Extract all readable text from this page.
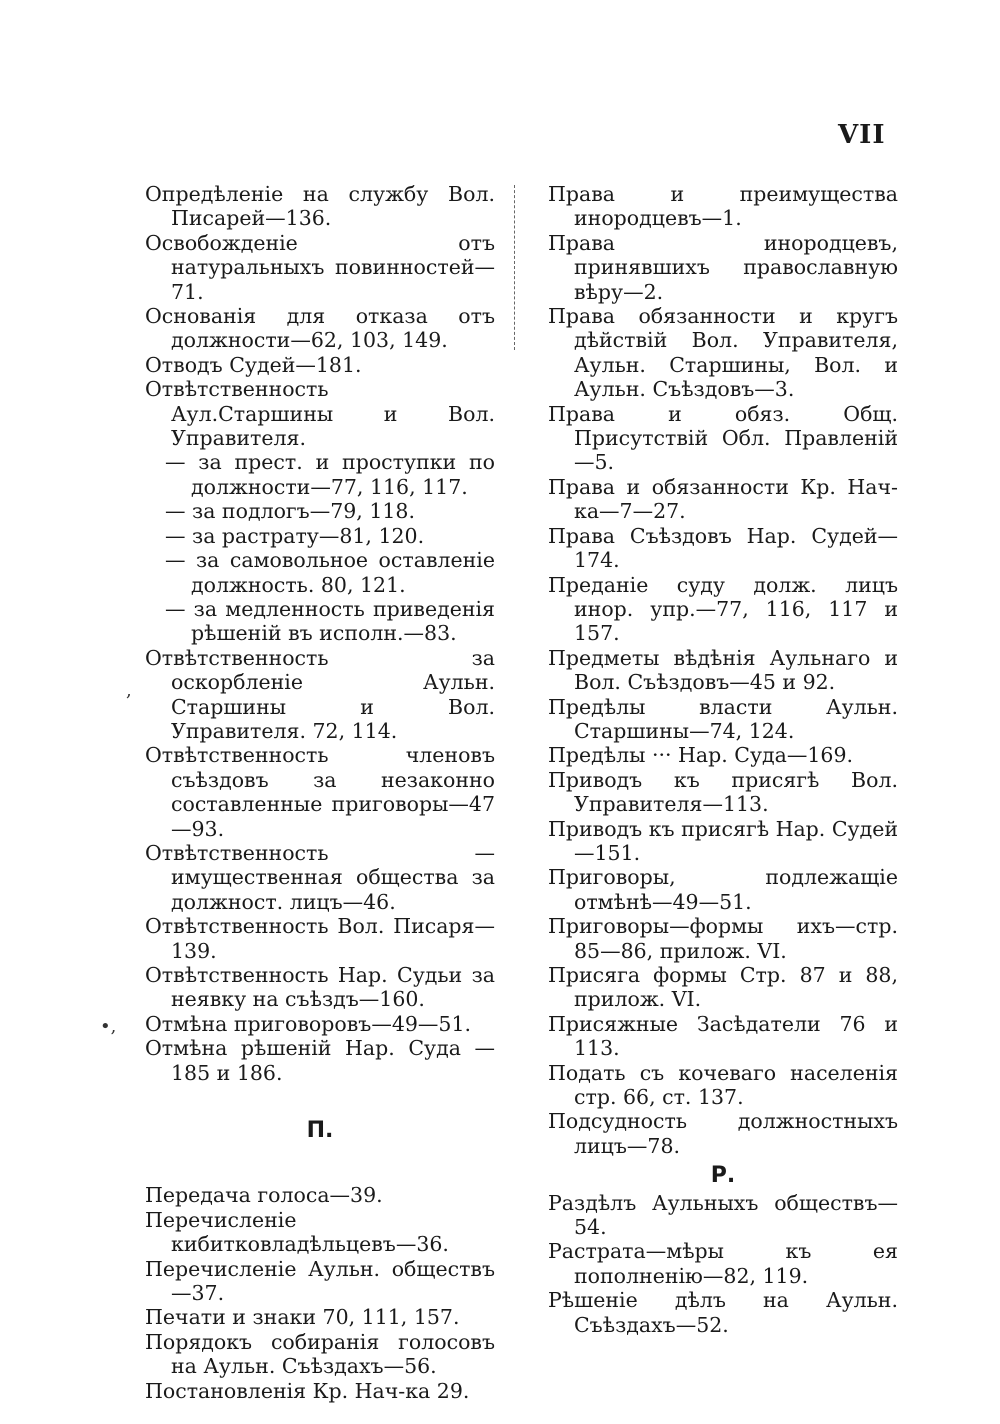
VII
,
•,

Опредѣленіе на службу Вол. Писарей—136.

Освобожденіе отъ натуральныхъ повинностей—71.

Основанія для отказа отъ должности—62, 103, 149.

Отводъ Судей—181.

Отвѣтственность Аул.Старшины и Вол. Управителя.

— за прест. и проступки по должности—77, 116, 117.

— за подлогъ—79, 118.

— за растрату—81, 120.

— за самовольное оставленіе должность. 80, 121.

— за медленность приведенія рѣшеній въ исполн.—83.

Отвѣтственность за оскорбленіе Аульн. Старшины и Вол. Управителя. 72, 114.

Отвѣтственность членовъ съѣздовъ за незаконно составленные приговоры—47—93.

Отвѣтственность —имущественная общества за должност. лицъ—46.

Отвѣтственность Вол. Писаря—139.

Отвѣтственность Нар. Судьи за неявку на съѣздъ—160.

Отмѣна приговоровъ—49—51.

Отмѣна рѣшеній Нар. Суда —185 и 186.

П.

Передача голоса—39.

Перечисленіе кибитковладѣльцевъ—36.

Перечисленіе Аульн. обществъ—37.

Печати и знаки 70, 111, 157.

Порядокъ собиранія голосовъ на Аульн. Съѣздахъ—56.

Постановленія Кр. Нач-ка 29.

Права и преимущества инородцевъ—1.

Права инородцевъ, принявшихъ православную вѣру—2.

Права обязанности и кругъ дѣйствій Вол. Управителя, Аульн. Старшины, Вол. и Аульн. Съѣздовъ—3.

Права и обяз. Общ. Присутствій Обл. Правленій—5.

Права и обязанности Кр. Нач-ка—7—27.

Права Съѣздовъ Нар. Судей—174.

Преданіе суду долж. лицъ инор. упр.—77, 116, 117 и 157.

Предметы вѣдѣнія Аульнаго и Вол. Съѣздовъ—45 и 92.

Предѣлы власти Аульн. Старшины—74, 124.

Предѣлы ··· Нар. Суда—169.

Приводъ къ присягѣ Вол. Управителя—113.

Приводъ къ присягѣ Нар. Судей—151.

Приговоры, подлежащіе отмѣнѣ—49—51.

Приговоры—формы ихъ—стр. 85—86, прилож. VI.

Присяга формы Стр. 87 и 88, прилож. VI.

Присяжные Засѣдатели 76 и 113.

Подать съ кочеваго населенія стр. 66, ст. 137.

Подсудность должностныхъ лицъ—78.

Р.

Раздѣлъ Аульныхъ обществъ—54.

Растрата—мѣры къ ея пополненію—82, 119.

Рѣшеніе дѣлъ на Аульн. Съѣздахъ—52.
